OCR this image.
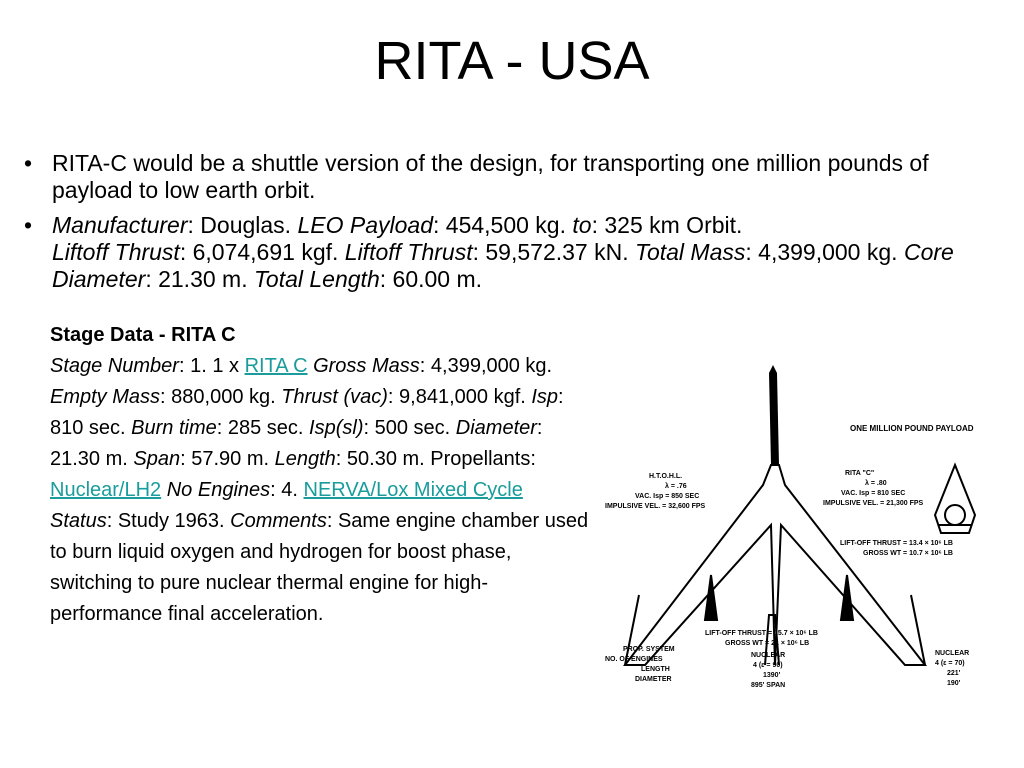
RITA - USA
• RITA-C would be a shuttle version of the design, for transporting one million pounds of payload to low earth orbit.
• Manufacturer: Douglas. LEO Payload: 454,500 kg. to: 325 km Orbit.
Liftoff Thrust: 6,074,691 kgf. Liftoff Thrust: 59,572.37 kN. Total Mass: 4,399,000 kg. Core Diameter: 21.30 m. Total Length: 60.00 m.
Stage Data - RITA C
Stage Number: 1. 1 x RITA C Gross Mass: 4,399,000 kg. Empty Mass: 880,000 kg. Thrust (vac): 9,841,000 kgf. Isp: 810 sec. Burn time: 285 sec. Isp(sl): 500 sec. Diameter: 21.30 m. Span: 57.90 m. Length: 50.30 m. Propellants: Nuclear/LH2 No Engines: 4. NERVA/Lox Mixed Cycle Status: Study 1963. Comments: Same engine chamber used to burn liquid oxygen and hydrogen for boost phase, switching to pure nuclear thermal engine for high-performance final acceleration.
ONE MILLION POUND PAYLOAD
H.T.O.H.L.
λ = .76
VAC. Isp = 850 SEC
IMPULSIVE VEL. = 32,600 FPS
RITA "C"
λ = .80
VAC. Isp = 810 SEC
IMPULSIVE VEL. = 21,300 FPS
LIFT-OFF THRUST = 13.4 × 10⁶ LB
GROSS WT = 10.7 × 10⁶ LB
LIFT-OFF THRUST = 15.7 × 10⁶ LB
GROSS WT = 21 × 10⁶ LB
PROP. SYSTEM
NO. OF ENGINES
LENGTH
DIAMETER
NUCLEAR
4 (ε = 90)
1390'
895' SPAN
NUCLEAR
4 (ε = 70)
221'
190'
